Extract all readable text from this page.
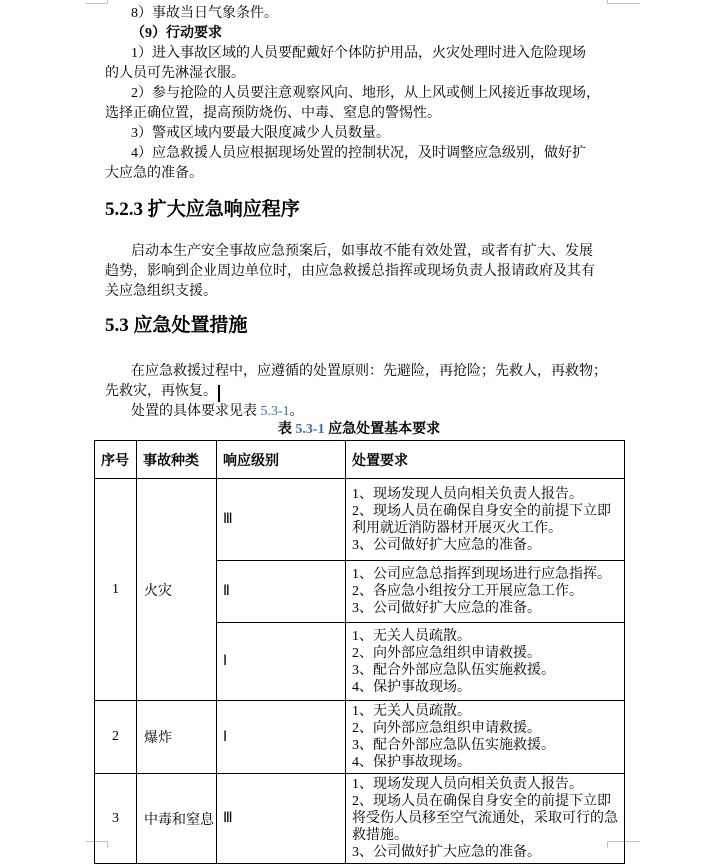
8）事故当日气象条件。
（9）行动要求
1）进入事故区域的人员要配戴好个体防护用品，火灾处理时进入危险现场
的人员可先淋湿衣服。
2）参与抢险的人员要注意观察风向、地形，从上风或侧上风接近事故现场，
选择正确位置，提高预防烧伤、中毒、窒息的警惕性。
3）警戒区域内要最大限度减少人员数量。
4）应急救援人员应根据现场处置的控制状况，及时调整应急级别，做好扩
大应急的准备。
5.2.3 扩大应急响应程序
启动本生产安全事故应急预案后，如事故不能有效处置，或者有扩大、发展
趋势，影响到企业周边单位时，由应急救援总指挥或现场负责人报请政府及其有
关应急组织支援。
5.3 应急处置措施
在应急救援过程中，应遵循的处置原则：先避险，再抢险；先救人，再救物；
先救灾，再恢复。
处置的具体要求见表 5.3-1。
表 5.3-1 应急处置基本要求
序号	事故种类	响应级别	处置要求
1	火灾	Ⅲ	1、现场发现人员向相关负责人报告。
2、现场人员在确保自身安全的前提下立即利用就近消防器材开展灭火工作。
3、公司做好扩大应急的准备。

		Ⅱ	1、公司应急总指挥到现场进行应急指挥。
2、各应急小组按分工开展应急工作。
3、公司做好扩大应急的准备。

		Ⅰ	1、无关人员疏散。
2、向外部应急组织申请救援。
3、配合外部应急队伍实施救援。
4、保护事故现场。

2	爆炸	Ⅰ	1、无关人员疏散。
2、向外部应急组织申请救援。
3、配合外部应急队伍实施救援。
4、保护事故现场。

3	中毒和窒息	Ⅲ	1、现场发现人员向相关负责人报告。
2、现场人员在确保自身安全的前提下立即将受伤人员移至空气流通处，采取可行的急救措施。
3、公司做好扩大应急的准备。
